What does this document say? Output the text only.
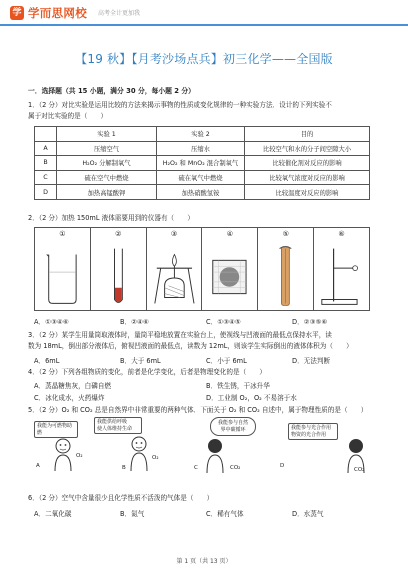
学 学而思网校 高考全计更加我
【19 秋】【月考沙场点兵】初三化学——全国版
一．选择题（共 15 小题，满分 30 分，每小题 2 分）
1．（2 分）对比实验是运用比较的方法来揭示事物的性质或变化规律的一种实验方法．设计的下列实验不
属于对比实验的是（　　）
	实验 1	实验 2	目的
A	压缩空气	压缩水	比较空气和水的分子间空隙大小
B	H₂O₂ 分解制氧气	H₂O₂ 和 MnO₂ 混合制氧气	比较催化剂对反应的影响
C	硫在空气中燃烧	硫在氧气中燃烧	比较氧气浓度对反应的影响
D	加热高锰酸钾	加热硝酸氢铵	比较温度对反应的影响
2．（2 分）加热 150mL 液体需要用到的仪器有（　　）
①	②	③	④	⑤	⑥
A．①③④⑥	B．②④⑥	C．①③④⑤	D．②③⑤⑥
3．（2 分）某学生用量筒取液体时，量筒平稳地放置在实验台上，使视线与凹液面的最低点保持水平，读
数为 18mL，倒出部分液体后，俯视凹液面的最低点，读数为 12mL，则该学生实际倒出的液体体积为（　　）
A．6mL	B．大于 6mL	C．小于 6mL	D．无法判断
4．（2 分）下列各组物质的变化，前者是化学变化，后者是物理变化的是（　　）
A．蒸晶糖焦灰，白磷自燃	B．铁生锈，干冰升华
C．冰化成水，火药爆炸	D．工业制 O₂，O₂ 不易溶于水
5．（2 分）O₂ 和 CO₂ 总是自然界中非常重要的两种气体．下面关于 O₂ 和 CO₂ 自述中，属于物理性质的是（　　）
我能为可燃物助燃
A
O₂
我能供给呼吸
使人体维持生命
B
O₂
我能参与自然
界中碳循环
C	CO₂
我能参与光合作用
物资的光合作用
D
CO₂
6．（2 分）空气中含量很少且化学性质不活泼的气体是（　　）
A．二氧化碳	B．氮气	C．稀有气体	D．水蒸气
第 1 页（共 13 页）
